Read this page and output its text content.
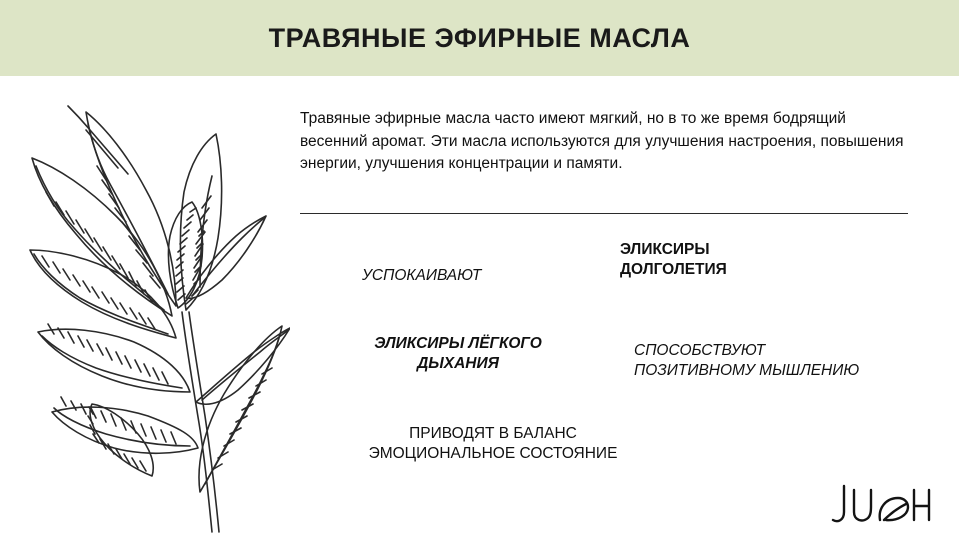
ТРАВЯНЫЕ ЭФИРНЫЕ МАСЛА
Травяные эфирные масла часто имеют мягкий, но в то же время бодрящий весенний аромат. Эти масла используются для улучшения настроения, повышения энергии, улучшения концентрации и памяти.
УСПОКАИВАЮТ
ЭЛИКСИРЫ
ДОЛГОЛЕТИЯ
ЭЛИКСИРЫ ЛЁГКОГО
ДЫХАНИЯ
СПОСОБСТВУЮТ
ПОЗИТИВНОМУ МЫШЛЕНИЮ
ПРИВОДЯТ В БАЛАНС
ЭМОЦИОНАЛЬНОЕ СОСТОЯНИЕ
